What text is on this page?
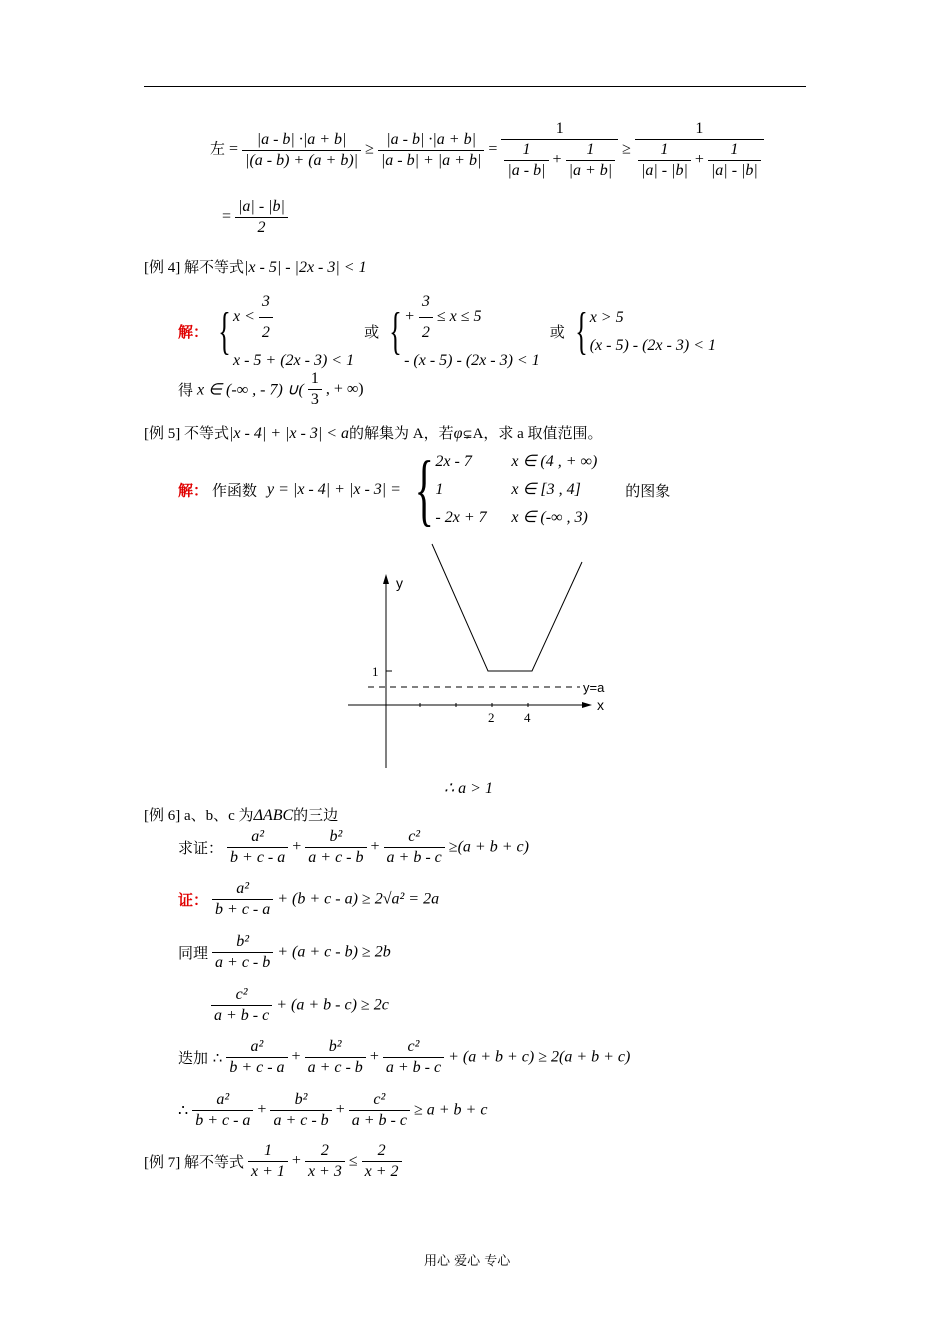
左 = $\frac{|a - b| \cdot|a + b|}{|(a - b) + (a + b)|} \ge \frac{|a - b| \cdot|a + b|}{|a - b| + |a + b|} = \frac{1}{\frac{1}{|a - b|} + \frac{1}{|a + b|}} \ge \frac{1}{\frac{1}{|a| - |b|} + \frac{1}{|a| - |b|}}$
= $\frac{|a| - |b|}{2}$
[例 4] 解不等式|x - 5| - |2x - 3| < 1
解： { $x < \frac{3}{2}$
x - 5 + (2x - 3) < 1
或 { + $\frac{3}{2} \le x \le 5$
- (x - 5) - (2x - 3) < 1
或 { x > 5
(x - 5) - (2x - 3) < 1
得 x ∈ (-∞ , - 7) ∪( $\frac{1}{3}$ , + ∞)
[例 5] 不等式|x - 4| + |x - 3| < a的解集为 A，若φ⊊A，求 a 取值范围。
解： 作函数 y = |x - 4| + |x - 3| = { 2x - 7 x ∈ (4 , + ∞)
1	x ∈ [3 , 4]
- 2x + 7 x ∈ (-∞ , 3)
的图象
y
x
1
y=a
2 4
∴ a > 1
[例 6] a、b、c 为ΔABC的三边
求证： $\frac{\text{a²}}{b + c - a} + \frac{\text{b²}}{a + c - b} + \frac{\text{c²}}{a + b - c} \ge(a + b + c)$
证： $\frac{\text{a²}}{b + c - a} + (b + c - a) \ge 2√a^2 = 2a$
同理 $\frac{\text{b²}}{a + c - b} + (a + c - b) \ge 2b$
$\frac{\text{c²}}{a + b - c} + (a + b - c) \ge 2c$
迭加 ∴ $\frac{\text{a²}}{b + c - a} + \frac{\text{b²}}{a + c - b} + \frac{\text{c²}}{a + b - c} + (a + b + c) \ge 2(a + b + c)$
∴ $\frac{\text{a²}}{b + c - a} + \frac{\text{b²}}{a + c - b} + \frac{\text{c²}}{a + b - c} \ge a + b + c$
[例 7] 解不等式 $\frac{1}{x + 1} + \frac{2}{x + 3} \le \frac{2}{x + 2}$
用心 爱心 专心
